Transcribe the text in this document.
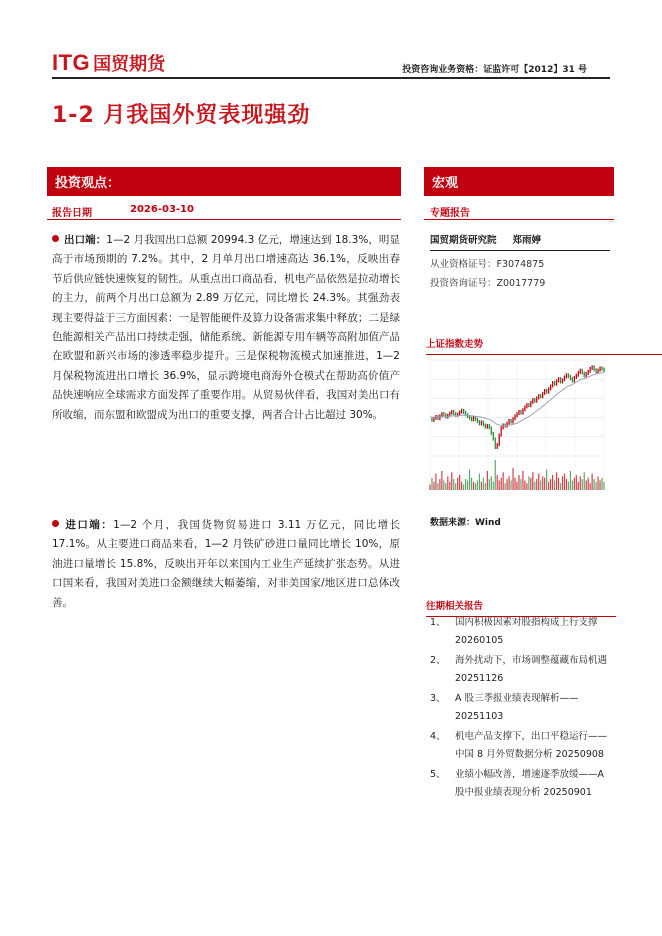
ITG 国贸期货	投资咨询业务资格：证监许可【2012】31 号
1-2 月我国外贸表现强劲
投资观点：
报告日期	2026-03-10
出口端：1—2 月我国出口总额 20994.3 亿元，增速达到 18.3%，明显高于市场预期的 7.2%。其中，2 月单月出口增速高达 36.1%，反映出春节后供应链快速恢复的韧性。从重点出口商品看，机电产品依然是拉动增长的主力，前两个月出口总额为 2.89 万亿元，同比增长 24.3%。其强劲表现主要得益于三方面因素：一是智能硬件及算力设备需求集中释放；二是绿色能源相关产品出口持续走强，储能系统、新能源专用车辆等高附加值产品在欧盟和新兴市场的渗透率稳步提升。三是保税物流模式加速推进，1—2 月保税物流进出口增长 36.9%，显示跨境电商海外仓模式在帮助高价值产品快速响应全球需求方面发挥了重要作用。从贸易伙伴看，我国对美出口有所收缩，而东盟和欧盟成为出口的重要支撑，两者合计占比超过 30%。
进口端：1—2 个月，我国货物贸易进口 3.11 万亿元，同比增长 17.1%。从主要进口商品来看，1—2 月铁矿砂进口量同比增长 10%，原油进口量增长 15.8%，反映出开年以来国内工业生产延续扩张态势。从进口国来看，我国对美进口金额继续大幅萎缩，对非美国家/地区进口总体改善。
宏观
专题报告
国贸期货研究院 郑雨婷
从业资格证号：F3074875
投资咨询证号：Z0017779
上证指数走势
数据来源：Wind
往期相关报告
1、 国内积极因素对股指构成上行支撑 20260105
2、 海外扰动下，市场调整蕴藏布局机遇 20251126
3、 A 股三季报业绩表现解析——20251103
4、 机电产品支撑下，出口平稳运行——中国 8 月外贸数据分析 20250908
5、 业绩小幅改善，增速逐季放缓——A 股中报业绩表现分析 20250901
